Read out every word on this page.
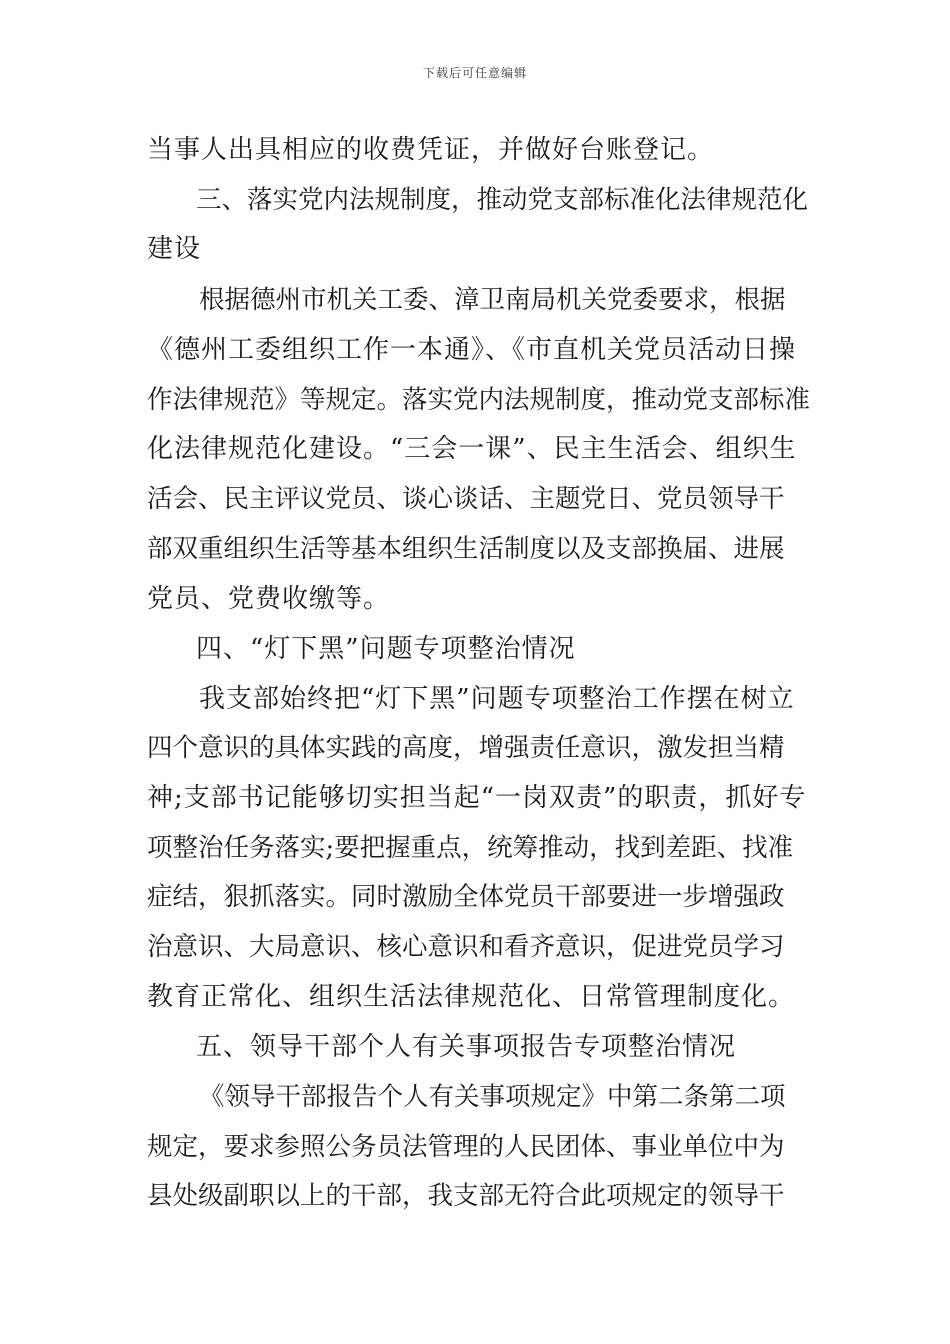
下载后可任意编辑
当事人出具相应的收费凭证，并做好台账登记。
三、落实党内法规制度，推动党支部标准化法律规范化
建设
根据德州市机关工委、漳卫南局机关党委要求，根据
《德州工委组织工作一本通》、《市直机关党员活动日操
作法律规范》等规定。落实党内法规制度，推动党支部标准
化法律规范化建设。“三会一课”、民主生活会、组织生
活会、民主评议党员、谈心谈话、主题党日、党员领导干
部双重组织生活等基本组织生活制度以及支部换届、进展
党员、党费收缴等。
四、“灯下黑”问题专项整治情况
我支部始终把“灯下黑”问题专项整治工作摆在树立
四个意识的具体实践的高度，增强责任意识，激发担当精
神;支部书记能够切实担当起“一岗双责”的职责，抓好专
项整治任务落实;要把握重点，统筹推动，找到差距、找准
症结，狠抓落实。同时激励全体党员干部要进一步增强政
治意识、大局意识、核心意识和看齐意识，促进党员学习
教育正常化、组织生活法律规范化、日常管理制度化。
五、领导干部个人有关事项报告专项整治情况
《领导干部报告个人有关事项规定》中第二条第二项
规定，要求参照公务员法管理的人民团体、事业单位中为
县处级副职以上的干部，我支部无符合此项规定的领导干
